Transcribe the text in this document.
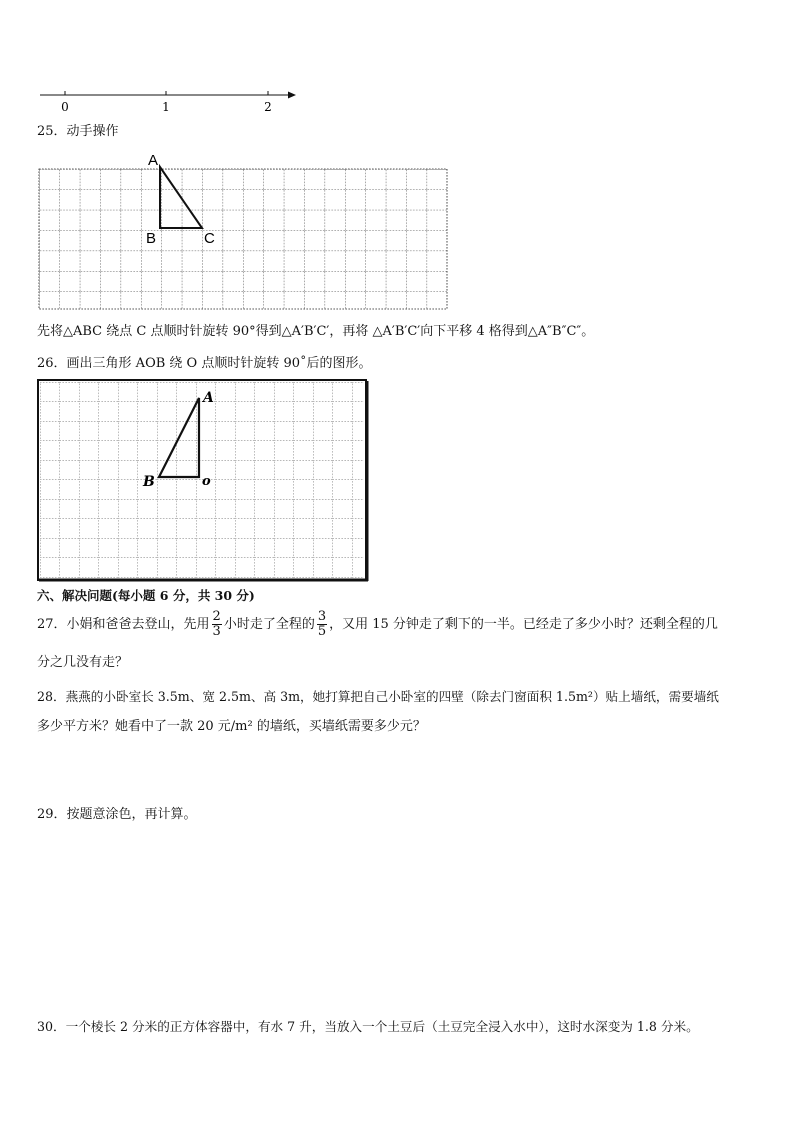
0	1	2
25．动手操作
A
B	C
先将△ABC 绕点 C 点顺时针旋转 90°得到△A′B′C′，再将 △A′B′C′向下平移 4 格得到△A″B″C″。
26．画出三角形 AOB 绕 O 点顺时针旋转 90˚后的图形。
A
B	o
六、解决问题(每小题 6 分，共 30 分)
27．小娟和爸爸去登山，先用 $\frac{2}{3}$ 小时走了全程的 $\frac{3}{5}$ ，又用 15 分钟走了剩下的一半。已经走了多少小时？还剩全程的几
分之几没有走？
28．燕燕的小卧室长 3.5m、宽 2.5m、高 3m，她打算把自己小卧室的四壁（除去门窗面积 1.5m²）贴上墙纸，需要墙纸
多少平方米？她看中了一款 20 元/m² 的墙纸，买墙纸需要多少元？
29．按题意涂色，再计算。
30．一个棱长 2 分米的正方体容器中，有水 7 升，当放入一个土豆后（土豆完全浸入水中），这时水深变为 1.8 分米。
